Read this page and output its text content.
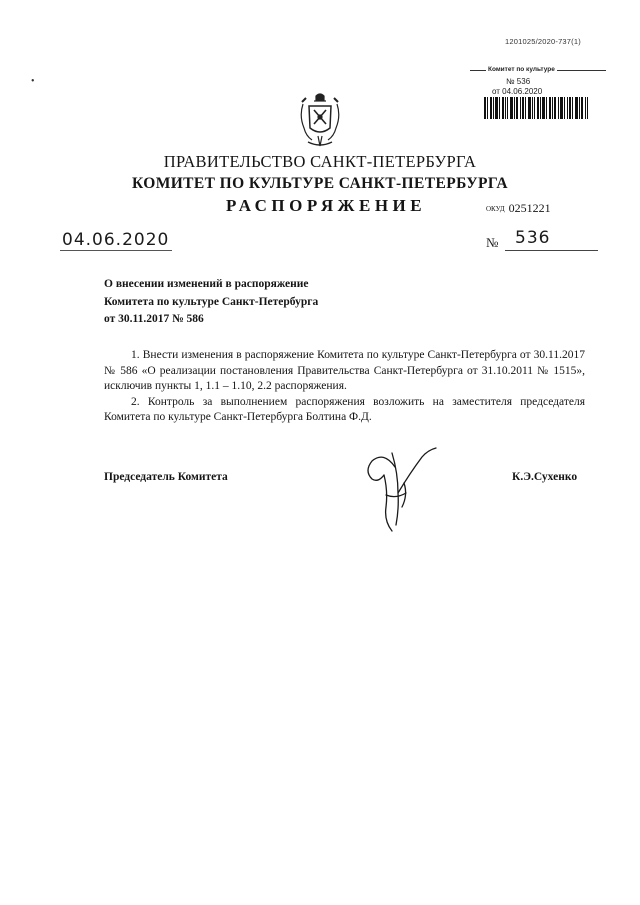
1201025/2020-737(1)
Комитет по культуре
№ 536
от 04.06.2020
•
ПРАВИТЕЛЬСТВО САНКТ-ПЕТЕРБУРГА
КОМИТЕТ ПО КУЛЬТУРЕ САНКТ-ПЕТЕРБУРГА
РАСПОРЯЖЕНИЕ	ОКУД 0251221
04.06.2020	№ 536
О внесении изменений в распоряжение
Комитета по культуре Санкт-Петербурга
от 30.11.2017 № 586

1. Внести изменения в распоряжение Комитета по культуре Санкт-Петербурга от 30.11.2017 № 586 «О реализации постановления Правительства Санкт-Петербурга от 31.10.2011 № 1515», исключив пункты 1, 1.1 – 1.10, 2.2 распоряжения.

2. Контроль за выполнением распоряжения возложить на заместителя председателя Комитета по культуре Санкт-Петербурга Болтина Ф.Д.

Председатель Комитета	К.Э.Сухенко
